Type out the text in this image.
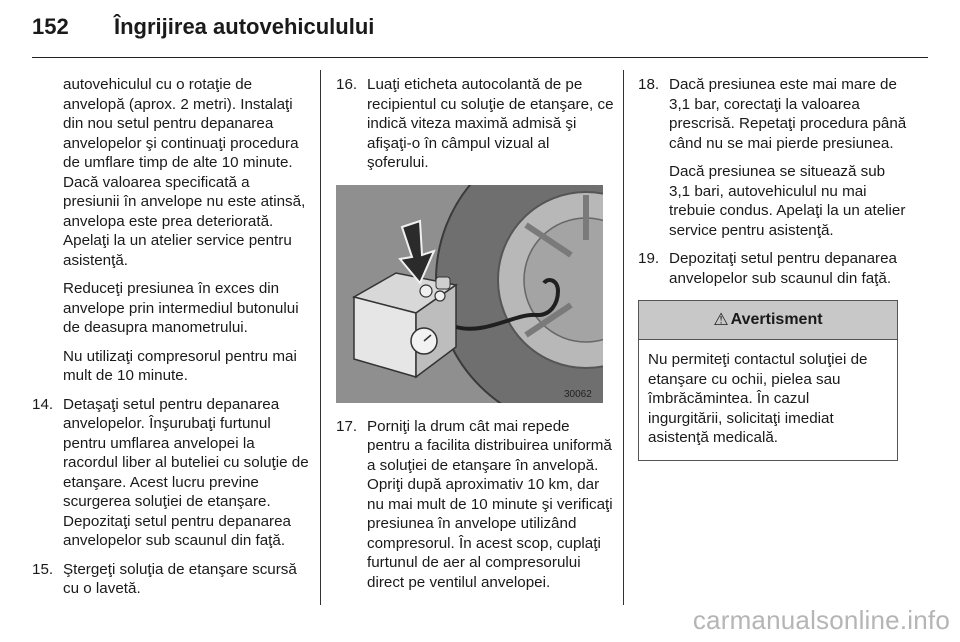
152 Îngrijirea autovehiculului

autovehiculul cu o rotaţie de anvelopă (aprox. 2 metri). Instalaţi din nou setul pentru depanarea anvelopelor şi continuaţi procedura de umflare timp de alte 10 minute. Dacă valoarea specificată a presiunii în anvelope nu este atinsă, anvelopa este prea deteriorată. Apelaţi la un atelier service pentru asistenţă.

Reduceţi presiunea în exces din anvelope prin intermediul butonului de deasupra manometrului.

Nu utilizaţi compresorul pentru mai mult de 10 minute.

14. Detaşaţi setul pentru depanarea anvelopelor. Înşurubaţi furtunul pentru umflarea anvelopei la racordul liber al buteliei cu soluţie de etanşare. Acest lucru previne scurgerea soluţiei de etanşare. Depozitaţi setul pentru depanarea anvelopelor sub scaunul din faţă.
15. Ştergeţi soluţia de etanşare scursă cu o lavetă.
16. Luaţi eticheta autocolantă de pe recipientul cu soluţie de etanşare, ce indică viteza maximă admisă şi afişaţi-o în câmpul vizual al şoferului.
30062
17. Porniţi la drum cât mai repede pentru a facilita distribuirea uniformă a soluţiei de etanşare în anvelopă. Opriţi după aproximativ 10 km, dar nu mai mult de 10 minute şi verificaţi presiunea în anvelope utilizând compresorul. În acest scop, cuplaţi furtunul de aer al compresorului direct pe ventilul anvelopei.
18. Dacă presiunea este mai mare de 3,1 bar, corectaţi la valoarea prescrisă. Repetaţi procedura până când nu se mai pierde presiunea.
Dacă presiunea se situează sub 3,1 bari, autovehiculul nu mai trebuie condus. Apelaţi la un atelier service pentru asistenţă.
19. Depozitaţi setul pentru depanarea anvelopelor sub scaunul din faţă.
⚠ Avertisment
Nu permiteţi contactul soluţiei de etanşare cu ochii, pielea sau îmbrăcămintea. În cazul ingurgitării, solicitaţi imediat asistenţă medicală.
carmanualsonline.info
